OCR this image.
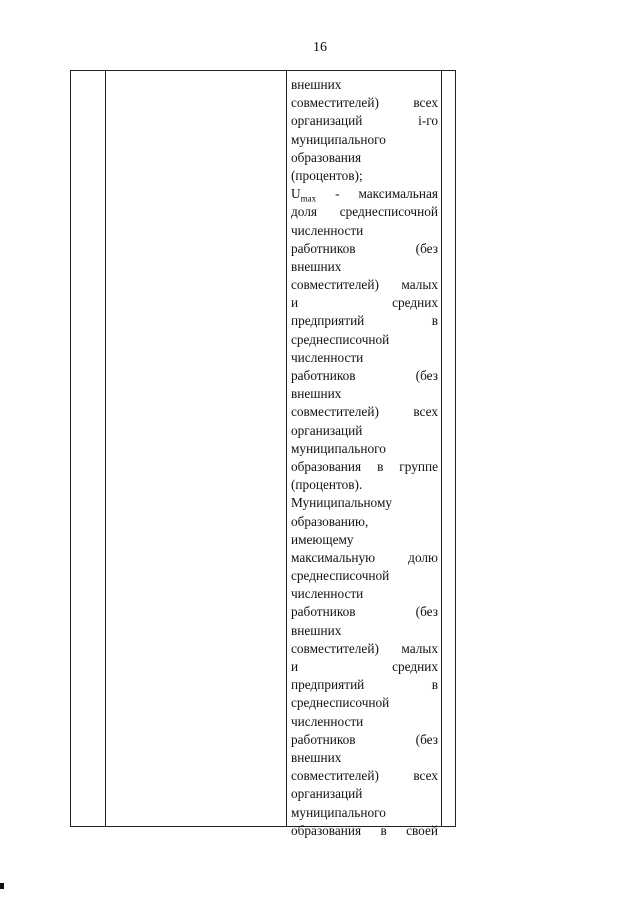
16
внешних
совместителей) всех
организаций i-го
муниципального
образования
(процентов);
$U_{max}$ - максимальная
доля среднесписочной
численности
работников (без
внешних
совместителей) малых
и средних
предприятий в
среднесписочной
численности
работников (без
внешних
совместителей) всех
организаций
муниципального
образования в группе
(процентов).
Муниципальному
образованию,
имеющему
максимальную долю
среднесписочной
численности
работников (без
внешних
совместителей) малых
и средних
предприятий в
среднесписочной
численности
работников (без
внешних
совместителей) всех
организаций
муниципального
образования в своей
